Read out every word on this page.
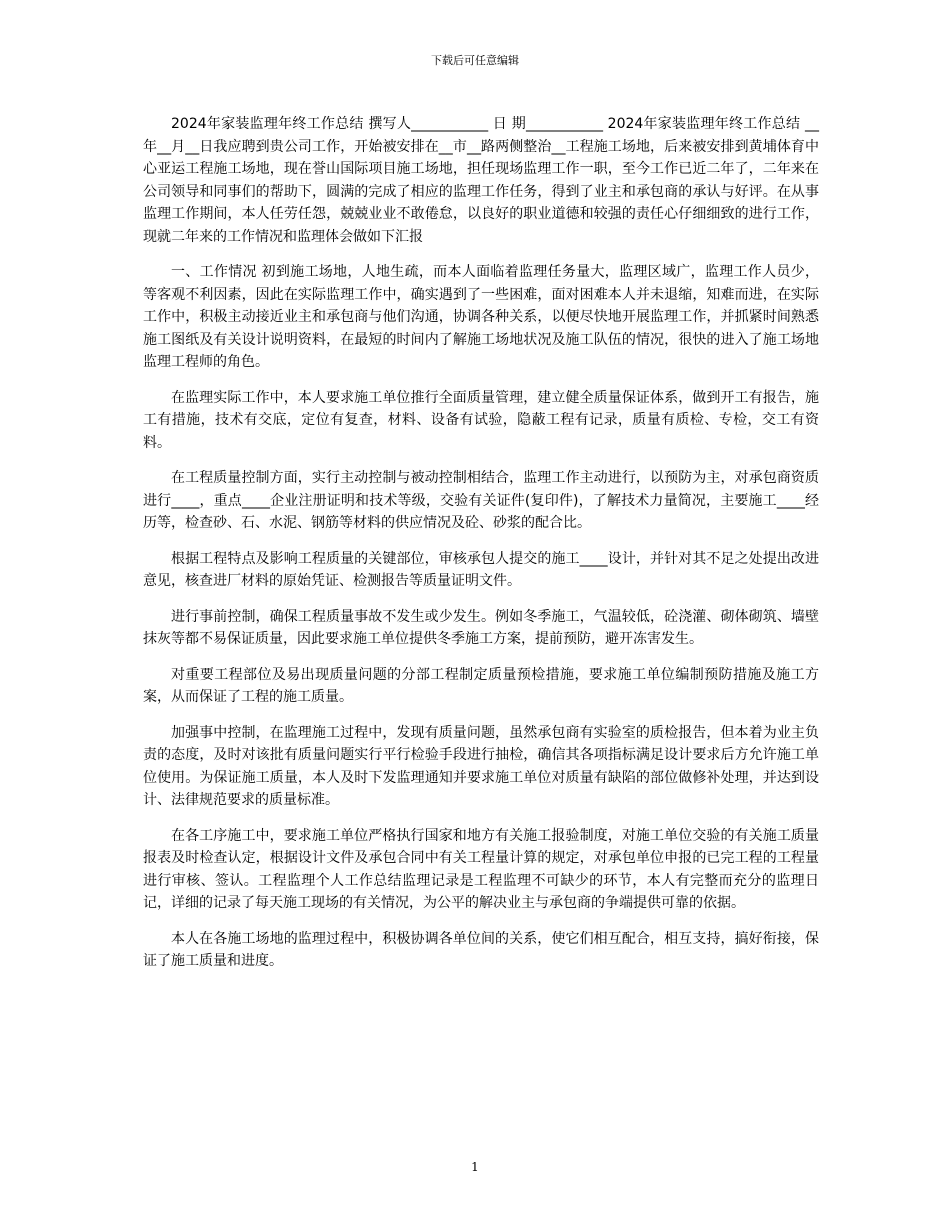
下载后可任意编辑

2024年家装监理年终工作总结 撰写人___________ 日 期___________ 2024年家装监理年终工作总结 __年__月__日我应聘到贵公司工作，开始被安排在__市__路两侧整治__工程施工场地，后来被安排到黄埔体育中心亚运工程施工场地，现在誉山国际项目施工场地，担任现场监理工作一职，至今工作已近二年了，二年来在公司领导和同事们的帮助下，圆满的完成了相应的监理工作任务，得到了业主和承包商的承认与好评。在从事监理工作期间，本人任劳任怨，兢兢业业不敢倦怠，以良好的职业道德和较强的责任心仔细细致的进行工作，现就二年来的工作情况和监理体会做如下汇报

一、工作情况 初到施工场地，人地生疏，而本人面临着监理任务量大，监理区域广，监理工作人员少，等客观不利因素，因此在实际监理工作中，确实遇到了一些困难，面对困难本人并未退缩，知难而进，在实际工作中，积极主动接近业主和承包商与他们沟通，协调各种关系，以便尽快地开展监理工作，并抓紧时间熟悉施工图纸及有关设计说明资料，在最短的时间内了解施工场地状况及施工队伍的情况，很快的进入了施工场地监理工程师的角色。

在监理实际工作中，本人要求施工单位推行全面质量管理，建立健全质量保证体系，做到开工有报告，施工有措施，技术有交底，定位有复查，材料、设备有试验，隐蔽工程有记录，质量有质检、专检，交工有资料。

在工程质量控制方面，实行主动控制与被动控制相结合，监理工作主动进行，以预防为主，对承包商资质进行____，重点____企业注册证明和技术等级，交验有关证件(复印件)，了解技术力量简况，主要施工____经历等，检查砂、石、水泥、钢筋等材料的供应情况及砼、砂浆的配合比。

根据工程特点及影响工程质量的关键部位，审核承包人提交的施工____设计，并针对其不足之处提出改进意见，核查进厂材料的原始凭证、检测报告等质量证明文件。

进行事前控制，确保工程质量事故不发生或少发生。例如冬季施工，气温较低，砼浇灌、砌体砌筑、墙壁抹灰等都不易保证质量，因此要求施工单位提供冬季施工方案，提前预防，避开冻害发生。

对重要工程部位及易出现质量问题的分部工程制定质量预检措施，要求施工单位编制预防措施及施工方案，从而保证了工程的施工质量。

加强事中控制，在监理施工过程中，发现有质量问题，虽然承包商有实验室的质检报告，但本着为业主负责的态度，及时对该批有质量问题实行平行检验手段进行抽检，确信其各项指标满足设计要求后方允许施工单位使用。为保证施工质量，本人及时下发监理通知并要求施工单位对质量有缺陷的部位做修补处理，并达到设计、法律规范要求的质量标准。

在各工序施工中，要求施工单位严格执行国家和地方有关施工报验制度，对施工单位交验的有关施工质量报表及时检查认定，根据设计文件及承包合同中有关工程量计算的规定，对承包单位申报的已完工程的工程量进行审核、签认。工程监理个人工作总结监理记录是工程监理不可缺少的环节，本人有完整而充分的监理日记，详细的记录了每天施工现场的有关情况，为公平的解决业主与承包商的争端提供可靠的依据。

本人在各施工场地的监理过程中，积极协调各单位间的关系，使它们相互配合，相互支持，搞好衔接，保证了施工质量和进度。

1
